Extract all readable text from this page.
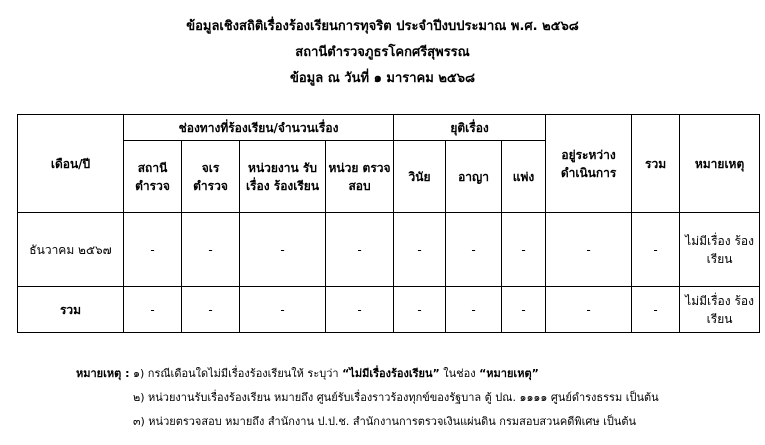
ข้อมูลเชิงสถิติเรื่องร้องเรียนการทุจริต ประจำปีงบประมาณ พ.ศ. ๒๕๖๘
สถานีตำรวจภูธรโคกศรีสุพรรณ
ข้อมูล ณ วันที่ ๑ มาราคม ๒๕๖๘
เดือน/ปี	ช่องทางที่ร้องเรียน/จำนวนเรื่อง				ยุติเรื่อง			อยู่ระหว่าง ดำเนินการ	รวม	หมายเหตุ
	สถานี ตำรวจ	จเร ตำรวจ	หน่วยงาน รับเรื่อง ร้องเรียน	หน่วย ตรวจสอบ	วินัย	อาญา	แพ่ง			
ธันวาคม ๒๕๖๗	-	-	-	-	-	-	-	-	-	ไม่มีเรื่อง ร้องเรียน
รวม	-	-	-	-	-	-	-	-	-	ไม่มีเรื่อง ร้องเรียน
หมายเหตุ : ๑) กรณีเดือนใดไม่มีเรื่องร้องเรียนให้ ระบุว่า “ไม่มีเรื่องร้องเรียน” ในช่อง “หมายเหตุ”
๒) หน่วยงานรับเรื่องร้องเรียน หมายถึง ศูนย์รับเรื่องราวร้องทุกข์ของรัฐบาล ตู้ ปณ. ๑๑๑๑ ศูนย์ดำรงธรรม เป็นต้น
๓) หน่วยตรวจสอบ หมายถึง สำนักงาน ป.ป.ช. สำนักงานการตรวจเงินแผ่นดิน กรมสอบสวนคดีพิเศษ เป็นต้น
